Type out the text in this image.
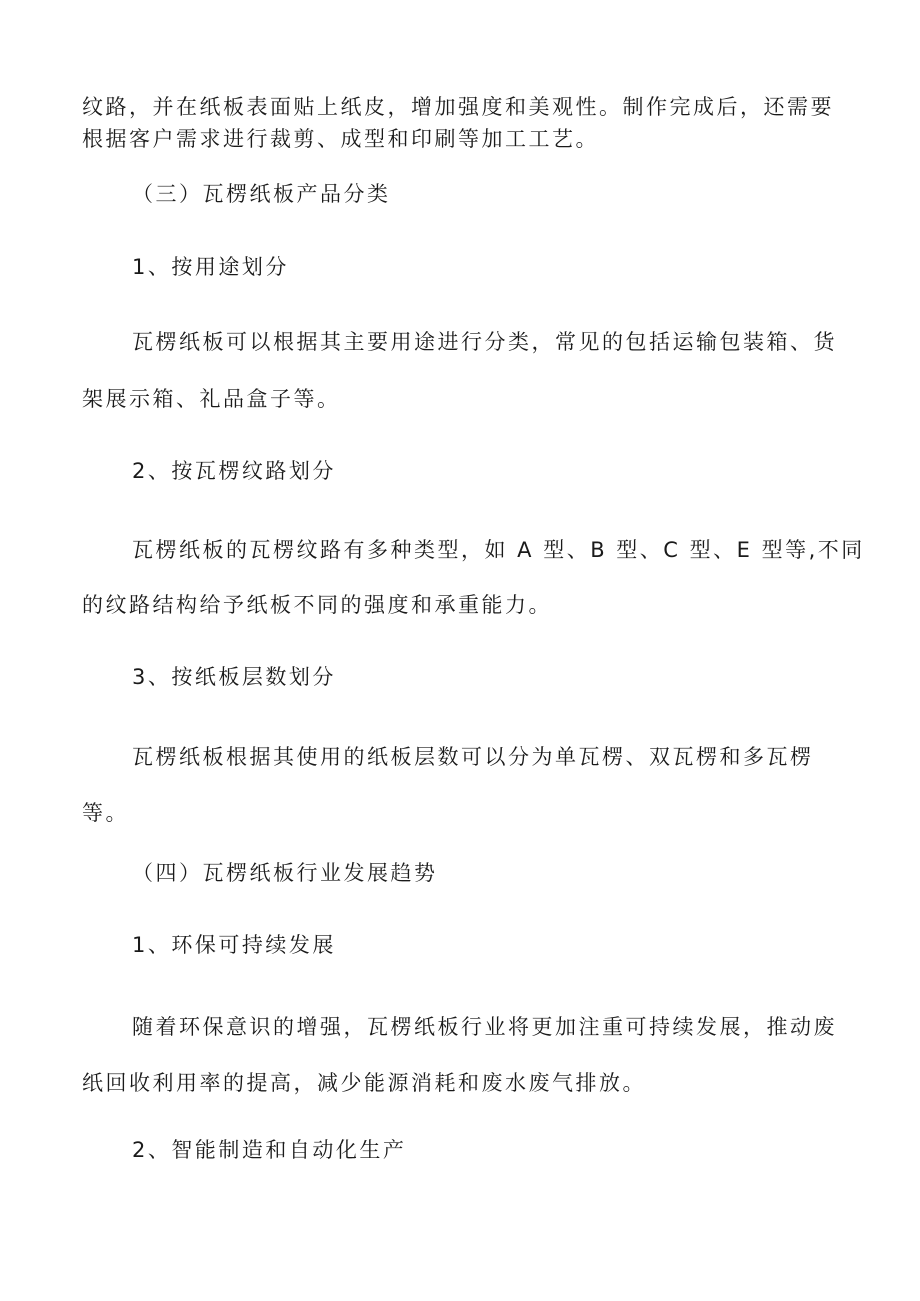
纹路，并在纸板表面贴上纸皮，增加强度和美观性。制作完成后，还需要
根据客户需求进行裁剪、成型和印刷等加工工艺。
（三）瓦楞纸板产品分类
1、按用途划分
瓦楞纸板可以根据其主要用途进行分类，常见的包括运输包装箱、货
架展示箱、礼品盒子等。
2、按瓦楞纹路划分
瓦楞纸板的瓦楞纹路有多种类型，如 A 型、B 型、C 型、E 型等,不同
的纹路结构给予纸板不同的强度和承重能力。
3、按纸板层数划分
瓦楞纸板根据其使用的纸板层数可以分为单瓦楞、双瓦楞和多瓦楞
等。
（四）瓦楞纸板行业发展趋势
1、环保可持续发展
随着环保意识的增强，瓦楞纸板行业将更加注重可持续发展，推动废
纸回收利用率的提高，减少能源消耗和废水废气排放。
2、智能制造和自动化生产
